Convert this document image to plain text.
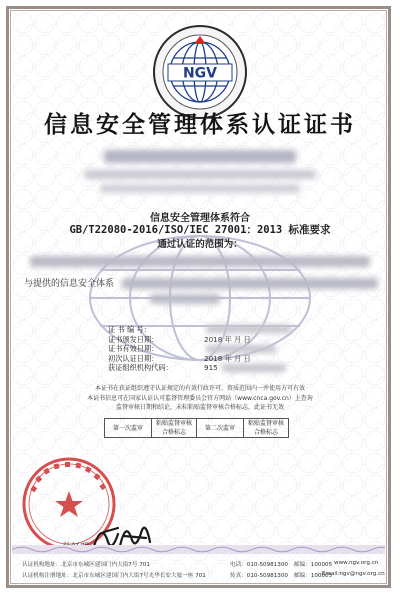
NGV
信息安全管理体系认证证书
信息安全管理体系符合
GB/T22080-2016/ISO/IEC 27001：2013 标准要求
通过认证的范围为：
与提供的信息安全体系
证 书 编 号：
证书颁发日期：	2018 年 月 日
证书有效日期：
初次认证日期：	2018 年 月 日
获证组织机构代码：	915
本证书在获证组织遵守认证规定的有效行政许可、资质范围内一并使用方可有效
本证书信息可在国家认证认可监督管理委员会官方网站（www.cnca.gov.cn）上查询
监督审核日期和结论，未标粘贴监督审核合格标志，此证书无效
第一次监审	粘贴监督审核	第二次监审	粘贴监督审核
	合格标志		合格标志
认证机构地址：北京市东城区建国门内大街7号 701
认证机构注册地址：北京市东城区建国门内大街7号光华长安大厦一座 701
电话：010-50981300 邮编：100005 www.ngv.org.cn
传真：010-50981300 邮编：100005
Email:ngv@ngv.org.cn
